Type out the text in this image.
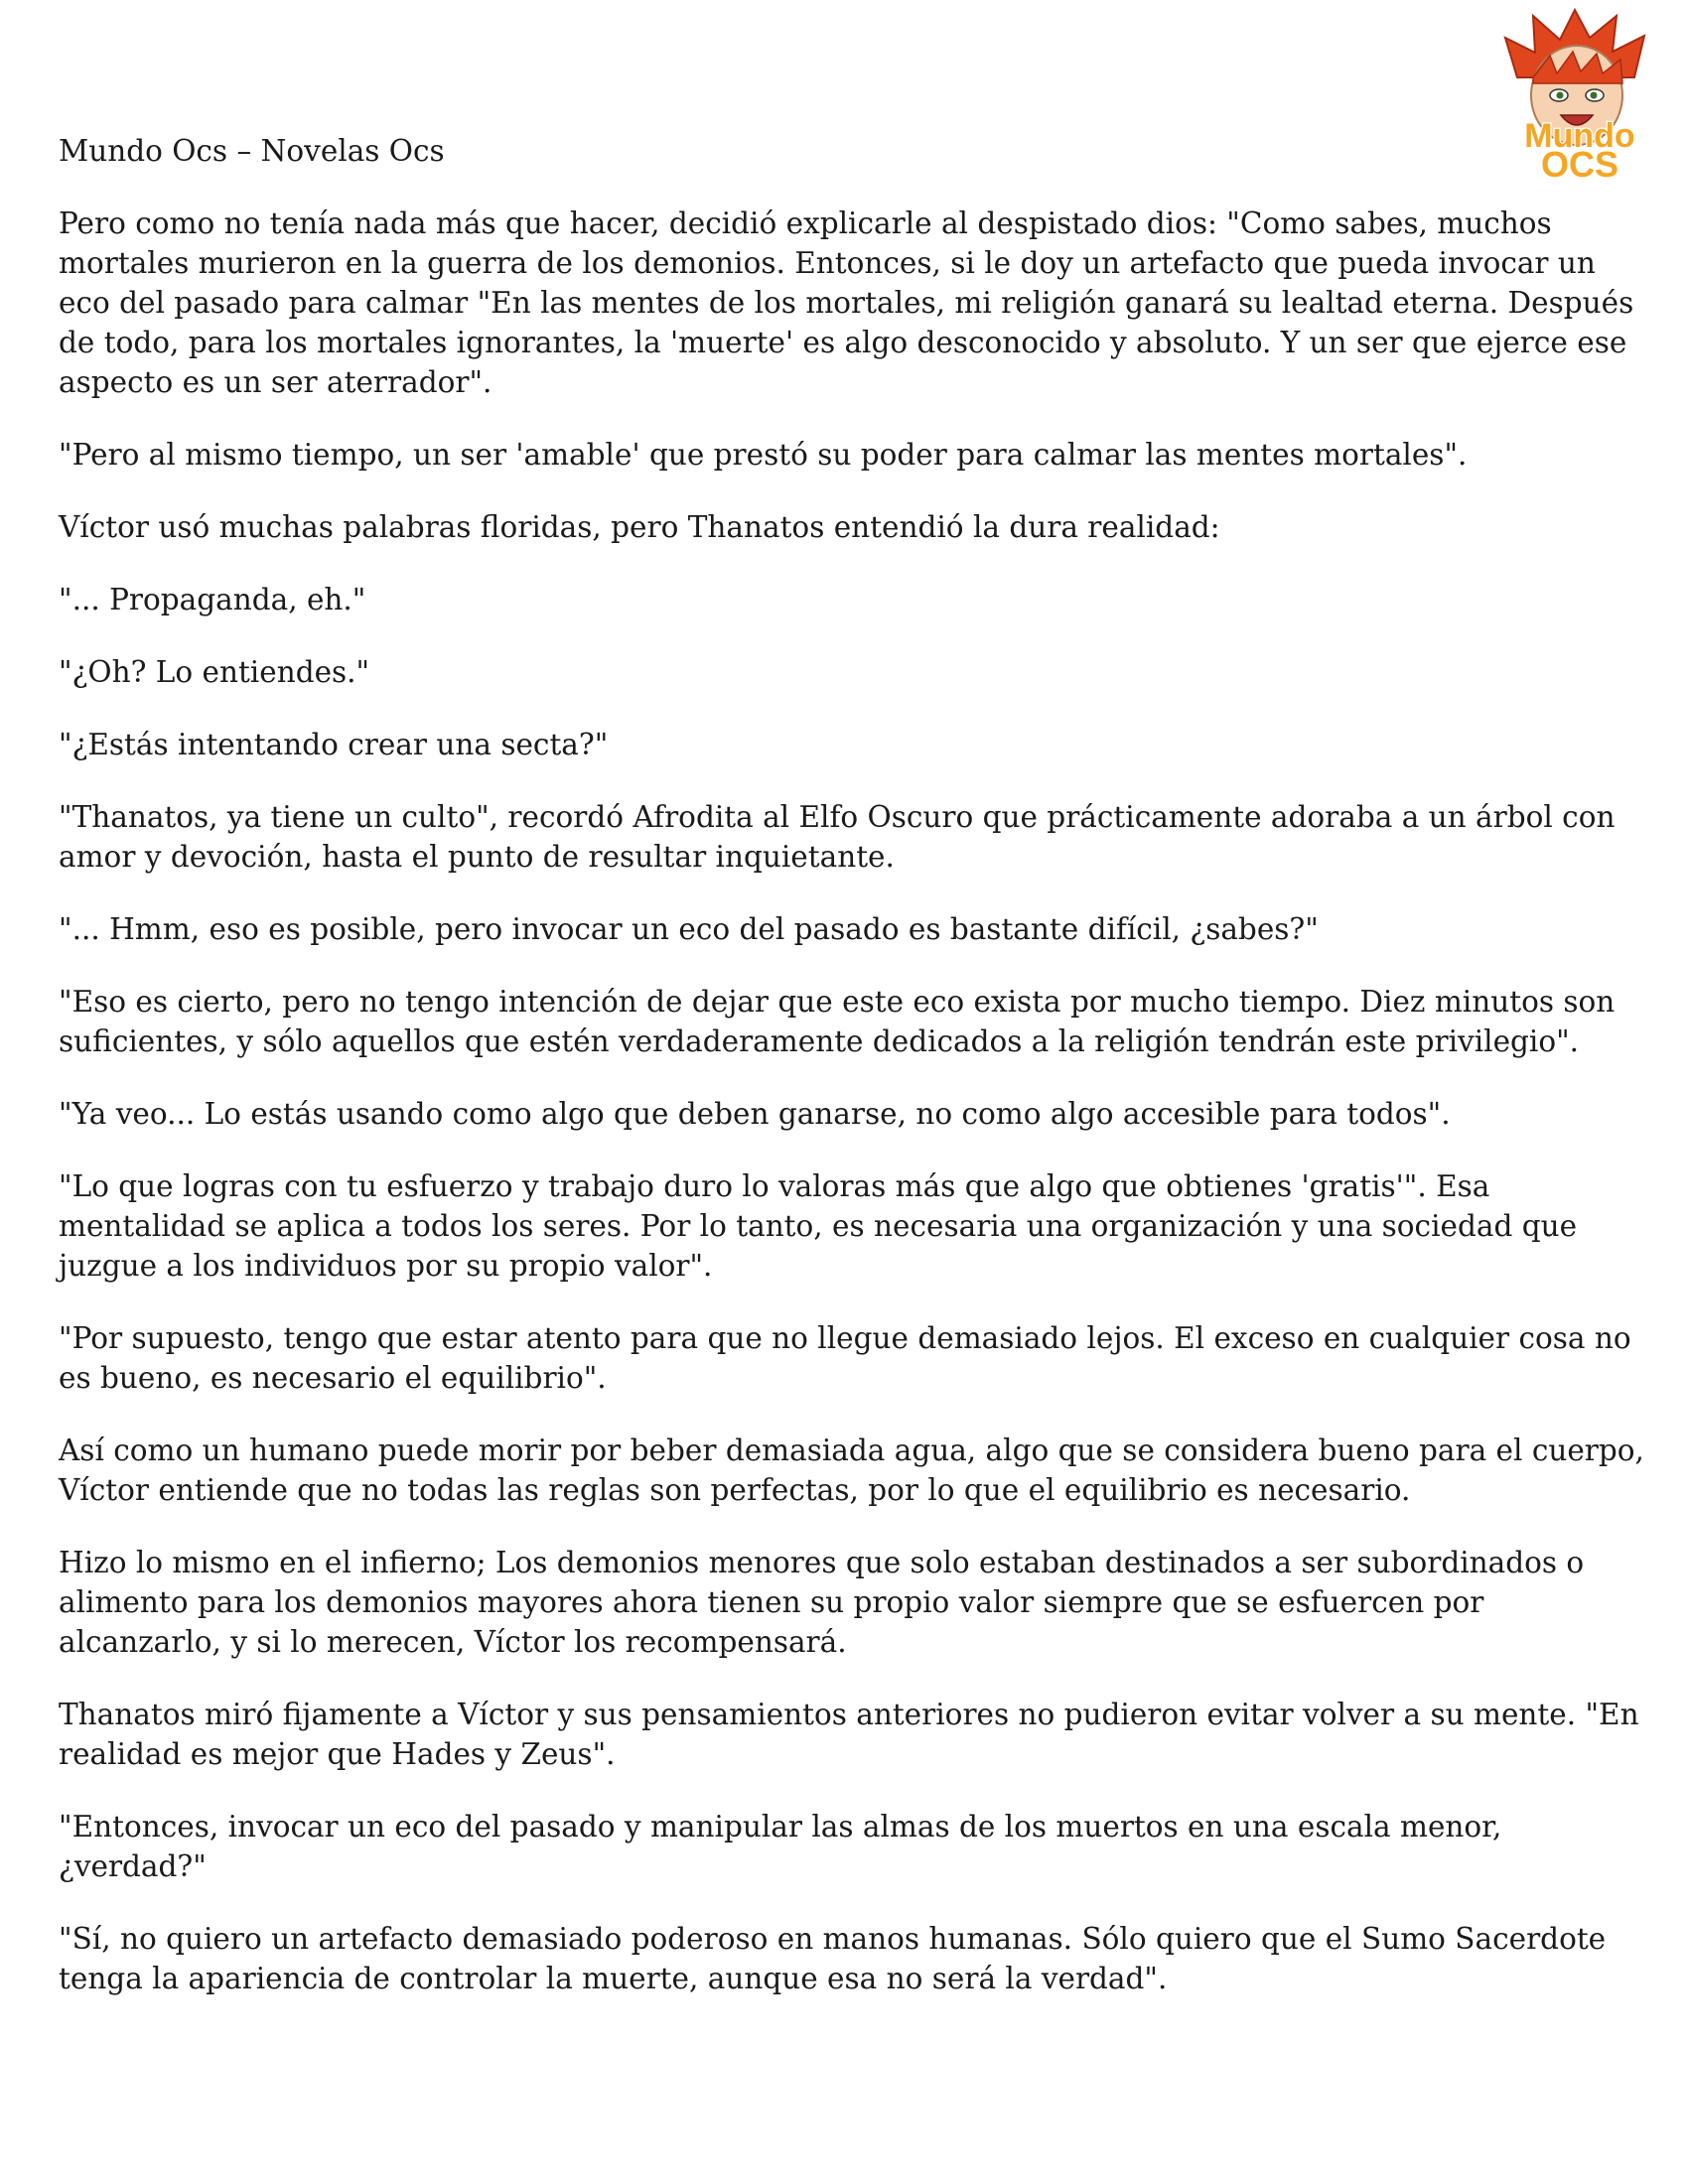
Mundo
OCS
Mundo Ocs – Novelas Ocs

Pero como no tenía nada más que hacer, decidió explicarle al despistado dios: "Como sabes, muchos mortales murieron en la guerra de los demonios. Entonces, si le doy un artefacto que pueda invocar un eco del pasado para calmar "En las mentes de los mortales, mi religión ganará su lealtad eterna. Después de todo, para los mortales ignorantes, la 'muerte' es algo desconocido y absoluto. Y un ser que ejerce ese aspecto es un ser aterrador".

"Pero al mismo tiempo, un ser 'amable' que prestó su poder para calmar las mentes mortales".

Víctor usó muchas palabras floridas, pero Thanatos entendió la dura realidad:

"... Propaganda, eh."

"¿Oh? Lo entiendes."

"¿Estás intentando crear una secta?"

"Thanatos, ya tiene un culto", recordó Afrodita al Elfo Oscuro que prácticamente adoraba a un árbol con amor y devoción, hasta el punto de resultar inquietante.

"... Hmm, eso es posible, pero invocar un eco del pasado es bastante difícil, ¿sabes?"

"Eso es cierto, pero no tengo intención de dejar que este eco exista por mucho tiempo. Diez minutos son suficientes, y sólo aquellos que estén verdaderamente dedicados a la religión tendrán este privilegio".

"Ya veo... Lo estás usando como algo que deben ganarse, no como algo accesible para todos".

"Lo que logras con tu esfuerzo y trabajo duro lo valoras más que algo que obtienes 'gratis'". Esa mentalidad se aplica a todos los seres. Por lo tanto, es necesaria una organización y una sociedad que juzgue a los individuos por su propio valor".

"Por supuesto, tengo que estar atento para que no llegue demasiado lejos. El exceso en cualquier cosa no es bueno, es necesario el equilibrio".

Así como un humano puede morir por beber demasiada agua, algo que se considera bueno para el cuerpo, Víctor entiende que no todas las reglas son perfectas, por lo que el equilibrio es necesario.

Hizo lo mismo en el infierno; Los demonios menores que solo estaban destinados a ser subordinados o alimento para los demonios mayores ahora tienen su propio valor siempre que se esfuercen por alcanzarlo, y si lo merecen, Víctor los recompensará.

Thanatos miró fijamente a Víctor y sus pensamientos anteriores no pudieron evitar volver a su mente. "En realidad es mejor que Hades y Zeus".

"Entonces, invocar un eco del pasado y manipular las almas de los muertos en una escala menor, ¿verdad?"

"Sí, no quiero un artefacto demasiado poderoso en manos humanas. Sólo quiero que el Sumo Sacerdote tenga la apariencia de controlar la muerte, aunque esa no será la verdad".
